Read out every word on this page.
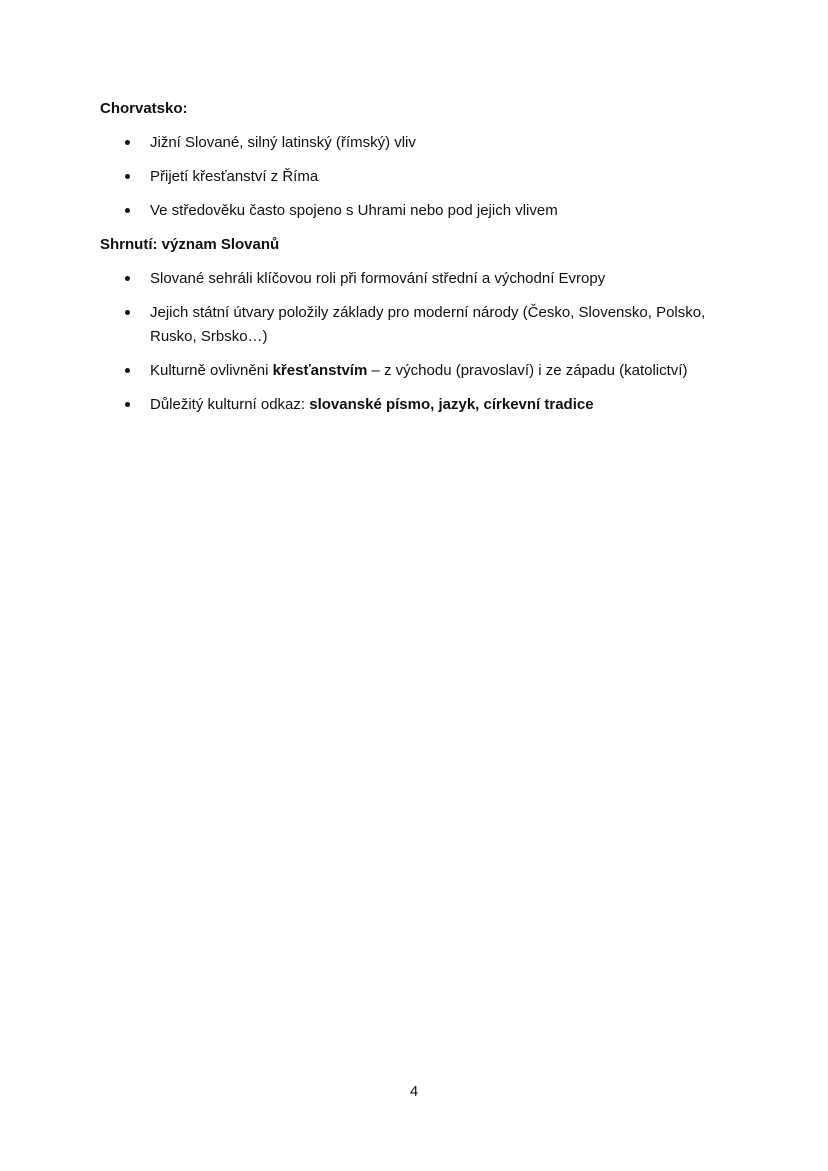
Chorvatsko:
Jižní Slované, silný latinský (římský) vliv
Přijetí křesťanství z Říma
Ve středověku často spojeno s Uhrami nebo pod jejich vlivem
Shrnutí: význam Slovanů
Slované sehráli klíčovou roli při formování střední a východní Evropy
Jejich státní útvary položily základy pro moderní národy (Česko, Slovensko, Polsko, Rusko, Srbsko…)
Kulturně ovlivněni křesťanstvím – z východu (pravoslaví) i ze západu (katolictví)
Důležitý kulturní odkaz: slovanské písmo, jazyk, církevní tradice
4
